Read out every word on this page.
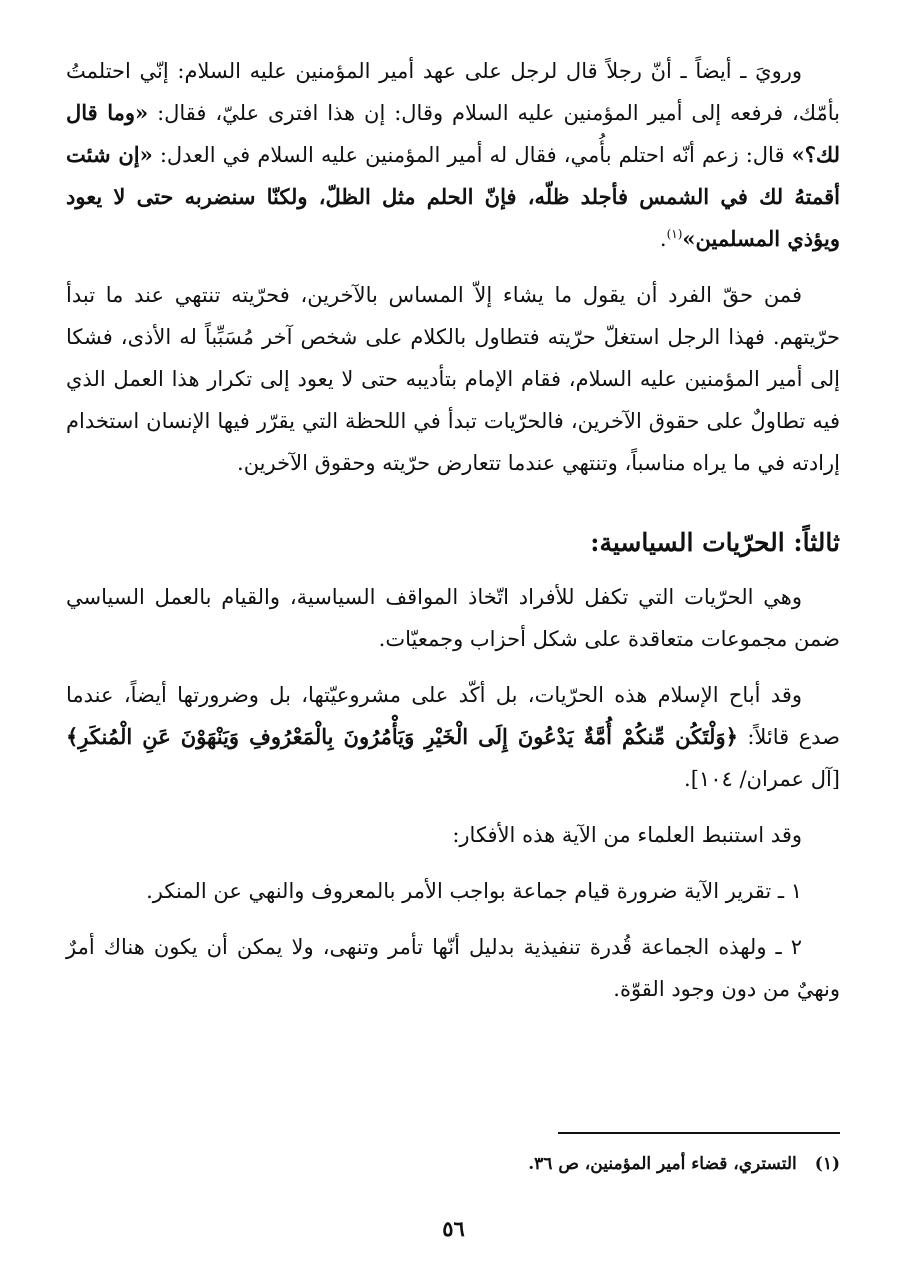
ورويَ ـ أيضاً ـ أنّ رجلاً قال لرجل على عهد أمير المؤمنين عليه السلام: إنّي احتلمتُ بأمّك، فرفعه إلى أمير المؤمنين عليه السلام وقال: إن هذا افترى عليّ، فقال: «وما قال لك؟» قال: زعم أنّه احتلم بأُمي، فقال له أمير المؤمنين عليه السلام في العدل: «إن شئت أقمتهُ لك في الشمس فأجلد ظلّه، فإنّ الحلم مثل الظلّ، ولكنّا سنضربه حتى لا يعود ويؤذي المسلمين»$^{(١)}$.

فمن حقّ الفرد أن يقول ما يشاء إلاّ المساس بالآخرين، فحرّيته تنتهي عند ما تبدأ حرّيتهم. فهذا الرجل استغلّ حرّيته فتطاول بالكلام على شخص آخر مُسَبِّباً له الأذى، فشكا إلى أمير المؤمنين عليه السلام، فقام الإمام بتأديبه حتى لا يعود إلى تكرار هذا العمل الذي فيه تطاولٌ على حقوق الآخرين، فالحرّيات تبدأ في اللحظة التي يقرّر فيها الإنسان استخدام إرادته في ما يراه مناسباً، وتنتهي عندما تتعارض حرّيته وحقوق الآخرين.

ثالثاً: الحرّيات السياسية:

وهي الحرّيات التي تكفل للأفراد اتّخاذ المواقف السياسية، والقيام بالعمل السياسي ضمن مجموعات متعاقدة على شكل أحزاب وجمعيّات.

وقد أباح الإسلام هذه الحرّيات، بل أكّد على مشروعيّتها، بل وضرورتها أيضاً، عندما صدع قائلاً: ﴿وَلْتَكُن مِّنكُمْ أُمَّةٌ يَدْعُونَ إِلَى الْخَيْرِ وَيَأْمُرُونَ بِالْمَعْرُوفِ وَيَنْهَوْنَ عَنِ الْمُنكَرِ﴾ [آل عمران/ ١٠٤].

وقد استنبط العلماء من الآية هذه الأفكار:

١ ـ تقرير الآية ضرورة قيام جماعة بواجب الأمر بالمعروف والنهي عن المنكر.

٢ ـ ولهذه الجماعة قُدرة تنفيذية بدليل أنّها تأمر وتنهى، ولا يمكن أن يكون هناك أمرٌ ونهيٌ من دون وجود القوّة.

(١)التستري، قضاء أمير المؤمنين، ص ٣٦.
٥٦
